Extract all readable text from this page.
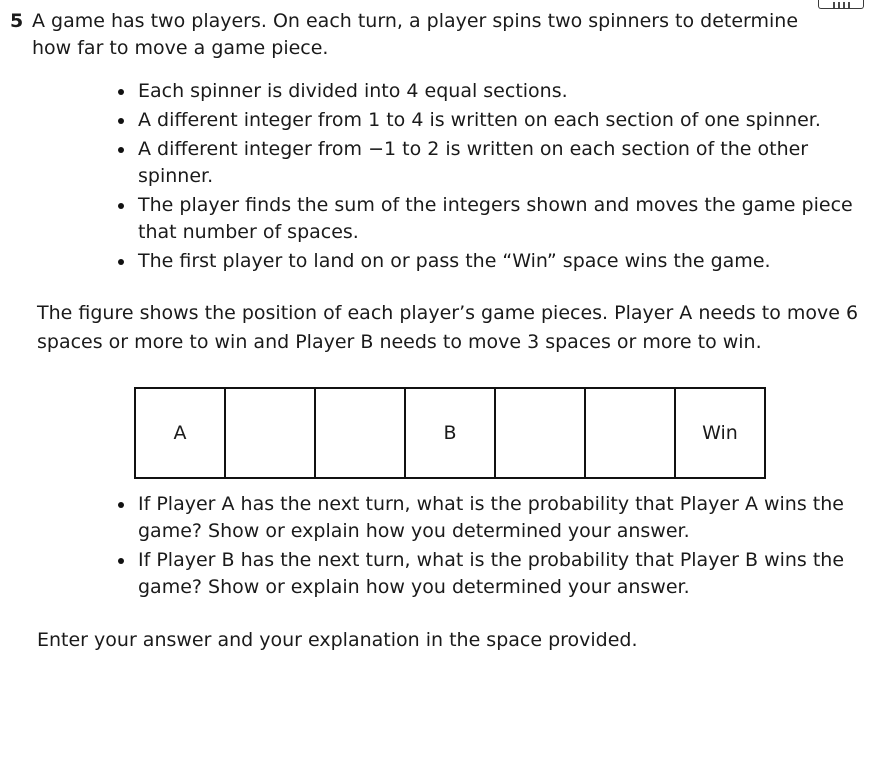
5 A game has two players. On each turn, a player spins two spinners to determine how far to move a game piece.
Each spinner is divided into 4 equal sections.
A different integer from 1 to 4 is written on each section of one spinner.
A different integer from −1 to 2 is written on each section of the other spinner.
The player finds the sum of the integers shown and moves the game piece that number of spaces.
The first player to land on or pass the “Win” space wins the game.
The figure shows the position of each player’s game pieces. Player A needs to move 6 spaces or more to win and Player B needs to move 3 spaces or more to win.
A	B	Win
If Player A has the next turn, what is the probability that Player A wins the game? Show or explain how you determined your answer.
If Player B has the next turn, what is the probability that Player B wins the game? Show or explain how you determined your answer.
Enter your answer and your explanation in the space provided.
